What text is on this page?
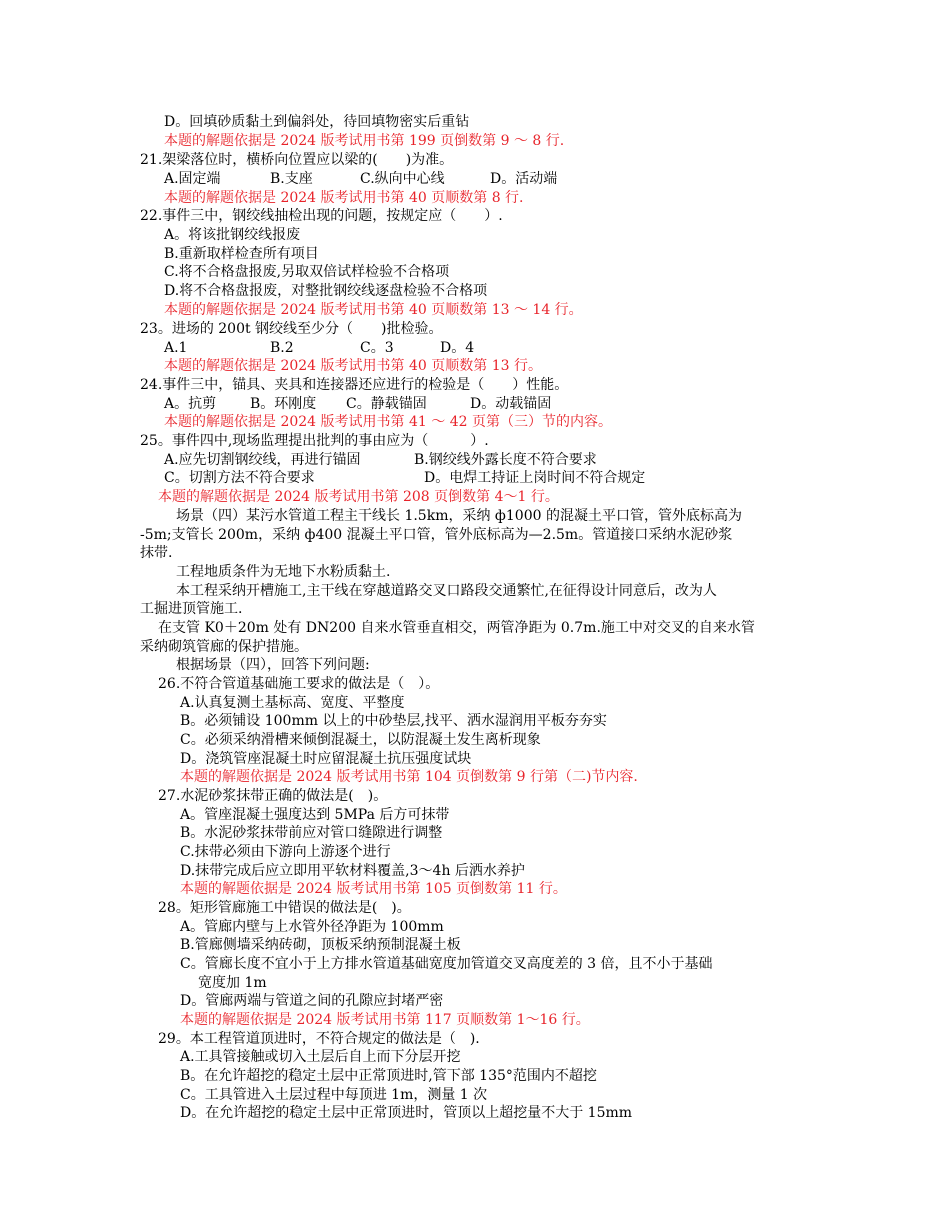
D。回填砂质黏土到偏斜处，待回填物密实后重钻
本题的解题依据是 2024 版考试用书第 199 页倒数第 9 ～ 8 行.
21.架梁落位时，横桥向位置应以梁的(　　)为准。
A.固定端	B.支座	C.纵向中心线	D。活动端
本题的解题依据是 2024 版考试用书第 40 页顺数第 8 行.
22.事件三中，钢绞线抽检出现的问题，按规定应（　　）.
A。将该批钢绞线报废
B.重新取样检查所有项目
C.将不合格盘报废,另取双倍试样检验不合格项
D.将不合格盘报废，对整批钢绞线逐盘检验不合格项
本题的解题依据是 2024 版考试用书第 40 页顺数第 13 ～ 14 行。
23。进场的 200t 钢绞线至少分（　　)批检验。
A.1	B.2	C。3	D。4
本题的解题依据是 2024 版考试用书第 40 页顺数第 13 行。
24.事件三中，锚具、夹具和连接器还应进行的检验是（　　）性能。
A。抗剪 B。环刚度 C。静载锚固	D。动载锚固
本题的解题依据是 2024 版考试用书第 41 ～ 42 页第（三）节的内容。
25。事件四中,现场监理提出批判的事由应为（　　　）.
A.应先切割钢绞线，再进行锚固	B.钢绞线外露长度不符合要求
C。切割方法不符合要求	D。电焊工持证上岗时间不符合规定
本题的解题依据是 2024 版考试用书第 208 页倒数第 4～1 行。
场景（四）某污水管道工程主干线长 1.5km，采纳 ф1000 的混凝土平口管，管外底标高为
-5m;支管长 200m，采纳 ф400 混凝土平口管，管外底标高为—2.5m。管道接口采纳水泥砂浆
抹带.
工程地质条件为无地下水粉质黏土.
本工程采纳开槽施工,主干线在穿越道路交叉口路段交通繁忙,在征得设计同意后，改为人
工掘进顶管施工.
在支管 K0＋20m 处有 DN200 自来水管垂直相交，两管净距为 0.7m.施工中对交叉的自来水管
采纳砌筑管廊的保护措施。
根据场景（四），回答下列问题:
26.不符合管道基础施工要求的做法是（　）。
A.认真复测土基标高、宽度、平整度
B。必须铺设 100mm 以上的中砂垫层,找平、洒水湿润用平板夯夯实
C。必须采纳滑槽来倾倒混凝土，以防混凝土发生离析现象
D。浇筑管座混凝土时应留混凝土抗压强度试块
本题的解题依据是 2024 版考试用书第 104 页倒数第 9 行第（二)节内容.
27.水泥砂浆抹带正确的做法是(　)。
A。管座混凝土强度达到 5MPa 后方可抹带
B。水泥砂浆抹带前应对管口缝隙进行调整
C.抹带必须由下游向上游逐个进行
D.抹带完成后应立即用平软材料覆盖,3～4h 后洒水养护
本题的解题依据是 2024 版考试用书第 105 页倒数第 11 行。
28。矩形管廊施工中错误的做法是(　)。
A。管廊内壁与上水管外径净距为 100mm
B.管廊侧墙采纳砖砌，顶板采纳预制混凝土板
C。管廊长度不宜小于上方排水管道基础宽度加管道交叉高度差的 3 倍，且不小于基础
宽度加 1m
D。管廊两端与管道之间的孔隙应封堵严密
本题的解题依据是 2024 版考试用书第 117 页顺数第 1～16 行。
29。本工程管道顶进时，不符合规定的做法是（　).
A.工具管接触或切入土层后自上而下分层开挖
B。在允许超挖的稳定土层中正常顶进时,管下部 135°范围内不超挖
C。工具管进入土层过程中每顶进 1m，测量 1 次
D。在允许超挖的稳定土层中正常顶进时，管顶以上超挖量不大于 15mm
